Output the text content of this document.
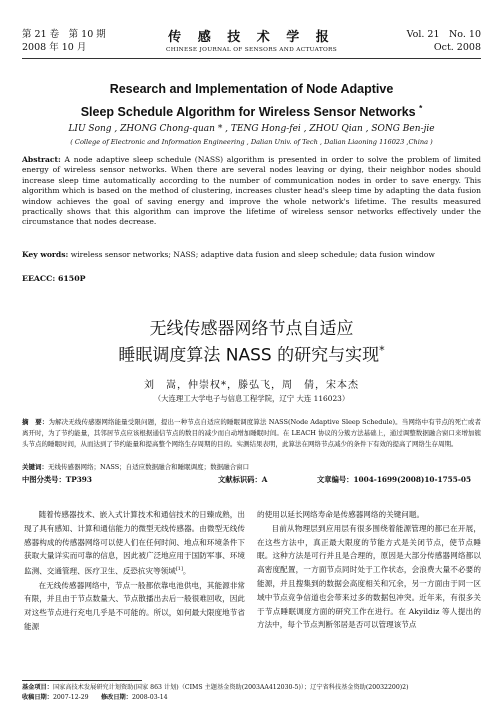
第 21 卷　第 10 期
2008 年 10 月
传 感 技 术 学 报
CHINESE JOURNAL OF SENSORS AND ACTUATORS
Vol. 21　No. 10
Oct. 2008
Research and Implementation of Node Adaptive
Sleep Schedule Algorithm for Wireless Sensor Networks *
LIU Song , ZHONG Chong-quan * , TENG Hong-fei , ZHOU Qian , SONG Ben-jie
( College of Electronic and Information Engineering , Dalian Univ. of Tech , Dalian Liaoning 116023 ,China )
Abstract: A node adaptive sleep schedule (NASS) algorithm is presented in order to solve the problem of limited energy of wireless sensor networks. When there are several nodes leaving or dying, their neighbor nodes should increase sleep time automatically according to the number of communication nodes in order to save energy. This algorithm which is based on the method of clustering, increases cluster head's sleep time by adapting the data fusion window achieves the goal of saving energy and improve the whole network's lifetime. The results measured practically shows that this algorithm can improve the lifetime of wireless sensor networks effectively under the circumstance that nodes decrease.
Key words: wireless sensor networks; NASS; adaptive data fusion and sleep schedule; data fusion window
EEACC: 6150P
无线传感器网络节点自适应
睡眠调度算法 NASS 的研究与实现*
刘　嵩，仲崇权*，滕弘飞，周　倩，宋本杰
（大连理工大学电子与信息工程学院，辽宁 大连 116023）
摘　要：为解决无线传感器网络能量受限问题，提出一种节点自适应的睡眠调度算法 NASS(Node Adaptive Sleep Schedule)。当网络中有节点的死亡或者离开时，为了节约能量，其邻居节点应该根据通信节点的数目的减少而自动增加睡眠时间。在 LEACH 协议的分簇方法基础上，通过调整数据融合窗口来增加簇头节点的睡眠时间，从而达到了节约能量和提高整个网络生存周期的目的。实测结果表明，此算法在网络节点减少的条件下有效的提高了网络生存周期。
关键词：无线传感器网络；NASS；自适应数据融合和睡眠调度；数据融合窗口
中图分类号：TP393	文献标识码：A	文章编号：1004-1699(2008)10-1755-05

随着传感器技术、嵌入式计算技术和通信技术的日臻成熟，出现了具有感知、计算和通信能力的微型无线传感器。由微型无线传感器构成的传感器网络可以使人们在任何时间、地点和环境条件下获取大量详实而可靠的信息，因此被广泛地应用于国防军事、环境监测、交通管理、医疗卫生、反恐抗灾等领域[1]。

在无线传感器网络中，节点一般都依靠电池供电，其能源非常有限，并且由于节点数量大、节点散播出去后一般很难回收，因此对这些节点进行充电几乎是不可能的。所以，如何最大限度地节省能源

的使用以延长网络寿命是传感器网络的关键问题。

目前从物理层到应用层有很多围绕着能源管理的都已在开展，在这些方法中，真正最大限度的节能方式是关闭节点，使节点睡眠。这种方法是可行并且是合理的，原因是大部分传感器网络都以高密度配置，一方面节点同时处于工作状态，会浪费大量不必要的能源，并且搜集到的数据会高度相关和冗余，另一方面由于同一区域中节点竞争信道也会带来过多的数据包冲突。近年来，有很多关于节点睡眠调度方面的研究工作在进行。在 Akyildiz 等人提出的方法中，每个节点判断邻居是否可以管理该节点

基金项目：国家高技术发展研究计划资助(国家 863 计划)（CIMS 主题基金资助(2003AA412030-5)）；辽宁省科技基金资助(20032200)2)
收稿日期：2007-12-29　　 修改日期：2008-03-14
